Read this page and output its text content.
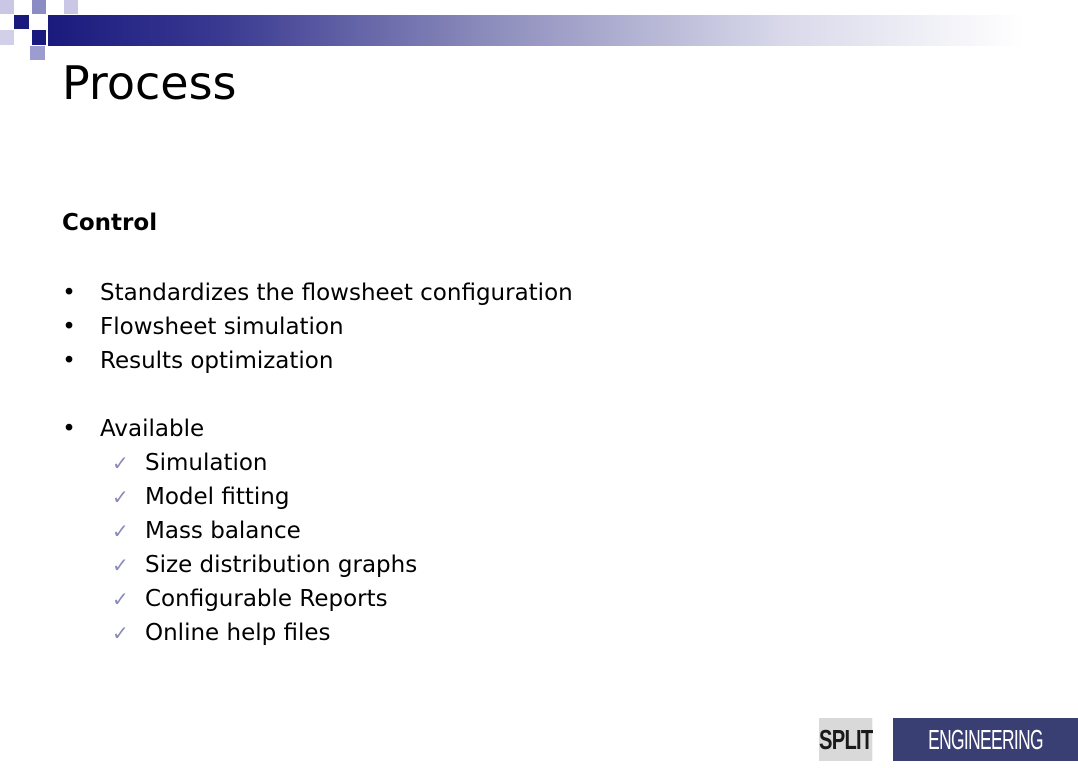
Process
Control
• Standardizes the flowsheet configuration
• Flowsheet simulation
• Results optimization
• Available
✓ Simulation
✓ Model fitting
✓ Mass balance
✓ Size distribution graphs
✓ Configurable Reports
✓ Online help files
SPLIT ENGINEERING
